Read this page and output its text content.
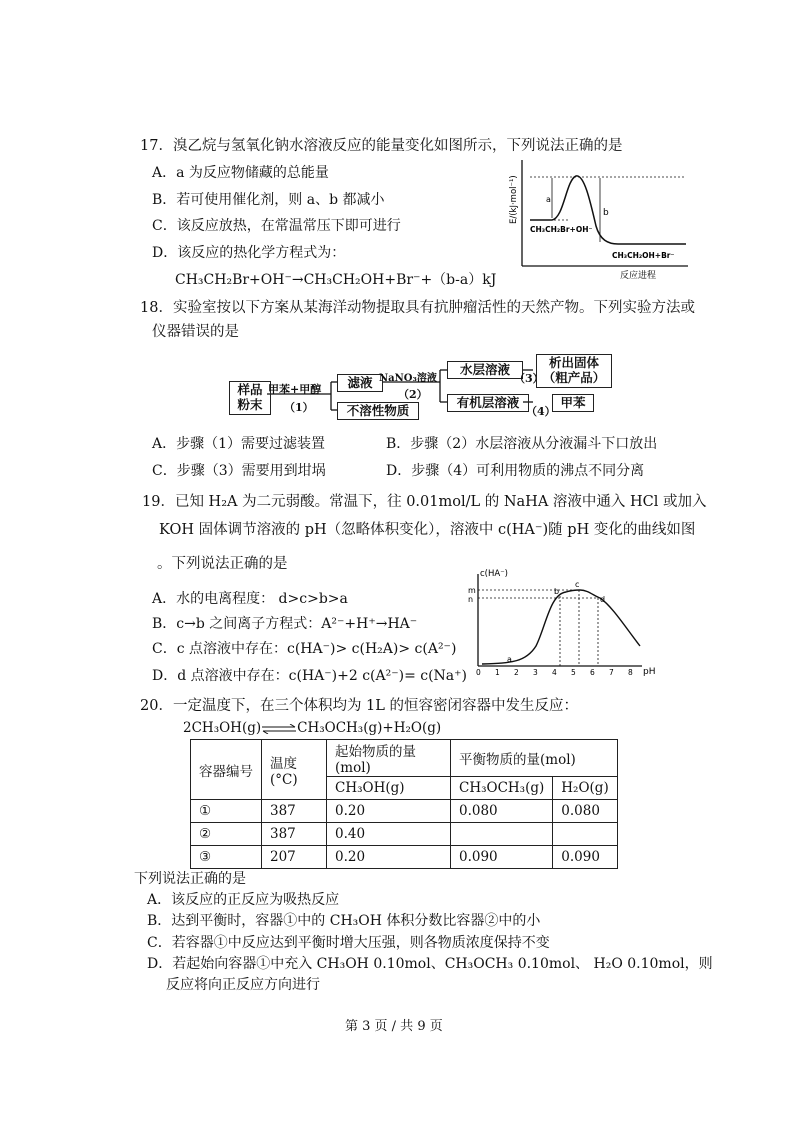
17．溴乙烷与氢氧化钠水溶液反应的能量变化如图所示，下列说法正确的是
A．a 为反应物储藏的总能量
B．若可使用催化剂，则 a、b 都减小
C．该反应放热，在常温常压下即可进行
D．该反应的热化学方程式为：
CH₃CH₂Br+OH⁻→CH₃CH₂OH+Br⁻+（b-a）kJ
E/(kJ·mol⁻¹)	a
b
CH₃CH₂Br+OH⁻
CH₃CH₂OH+Br⁻
反应进程
18．实验室按以下方案从某海洋动物提取具有抗肿瘤活性的天然产物。下列实验方法或
仪器错误的是
样品
粉末
甲苯+甲醇
（1）
滤液
不溶性物质
NaNO₃溶液
（2）
水层溶液
有机层溶液
（3）
（4）
析出固体
（粗产品）
甲苯
A．步骤（1）需要过滤装置	B．步骤（2）水层溶液从分液漏斗下口放出
C．步骤（3）需要用到坩埚	D．步骤（4）可利用物质的沸点不同分离
19．已知 H₂A 为二元弱酸。常温下，往 0.01mol/L 的 NaHA 溶液中通入 HCl 或加入
KOH 固体调节溶液的 pH（忽略体积变化），溶液中 c(HA⁻)随 pH 变化的曲线如图
。下列说法正确的是
A．水的电离程度： d>c>b>a
B．c→b 之间离子方程式：A²⁻+H⁺→HA⁻
C．c 点溶液中存在：c(HA⁻)> c(H₂A)> c(A²⁻)
D．d 点溶液中存在：c(HA⁻)+2 c(A²⁻)= c(Na⁺)
c(HA⁻)
pH
0 1 2 3 4 5 6 7 8
m
n
a
b
c
d
20．一定温度下，在三个体积均为 1L 的恒容密闭容器中发生反应：
2CH₃OH(g)⇌CH₃OCH₃(g)+H₂O(g)
容器编号	温度(°C)	起始物质的量(mol)	平衡物质的量(mol)	
		CH₃OH(g)	CH₃OCH₃(g)	H₂O(g)
①	387	0.20	0.080	0.080
②	387	0.40		
③	207	0.20	0.090	0.090
下列说法正确的是
A．该反应的正反应为吸热反应
B．达到平衡时，容器①中的 CH₃OH 体积分数比容器②中的小
C．若容器①中反应达到平衡时增大压强，则各物质浓度保持不变
D．若起始向容器①中充入 CH₃OH 0.10mol、CH₃OCH₃ 0.10mol、 H₂O 0.10mol，则
反应将向正反应方向进行
第 3 页 / 共 9 页
